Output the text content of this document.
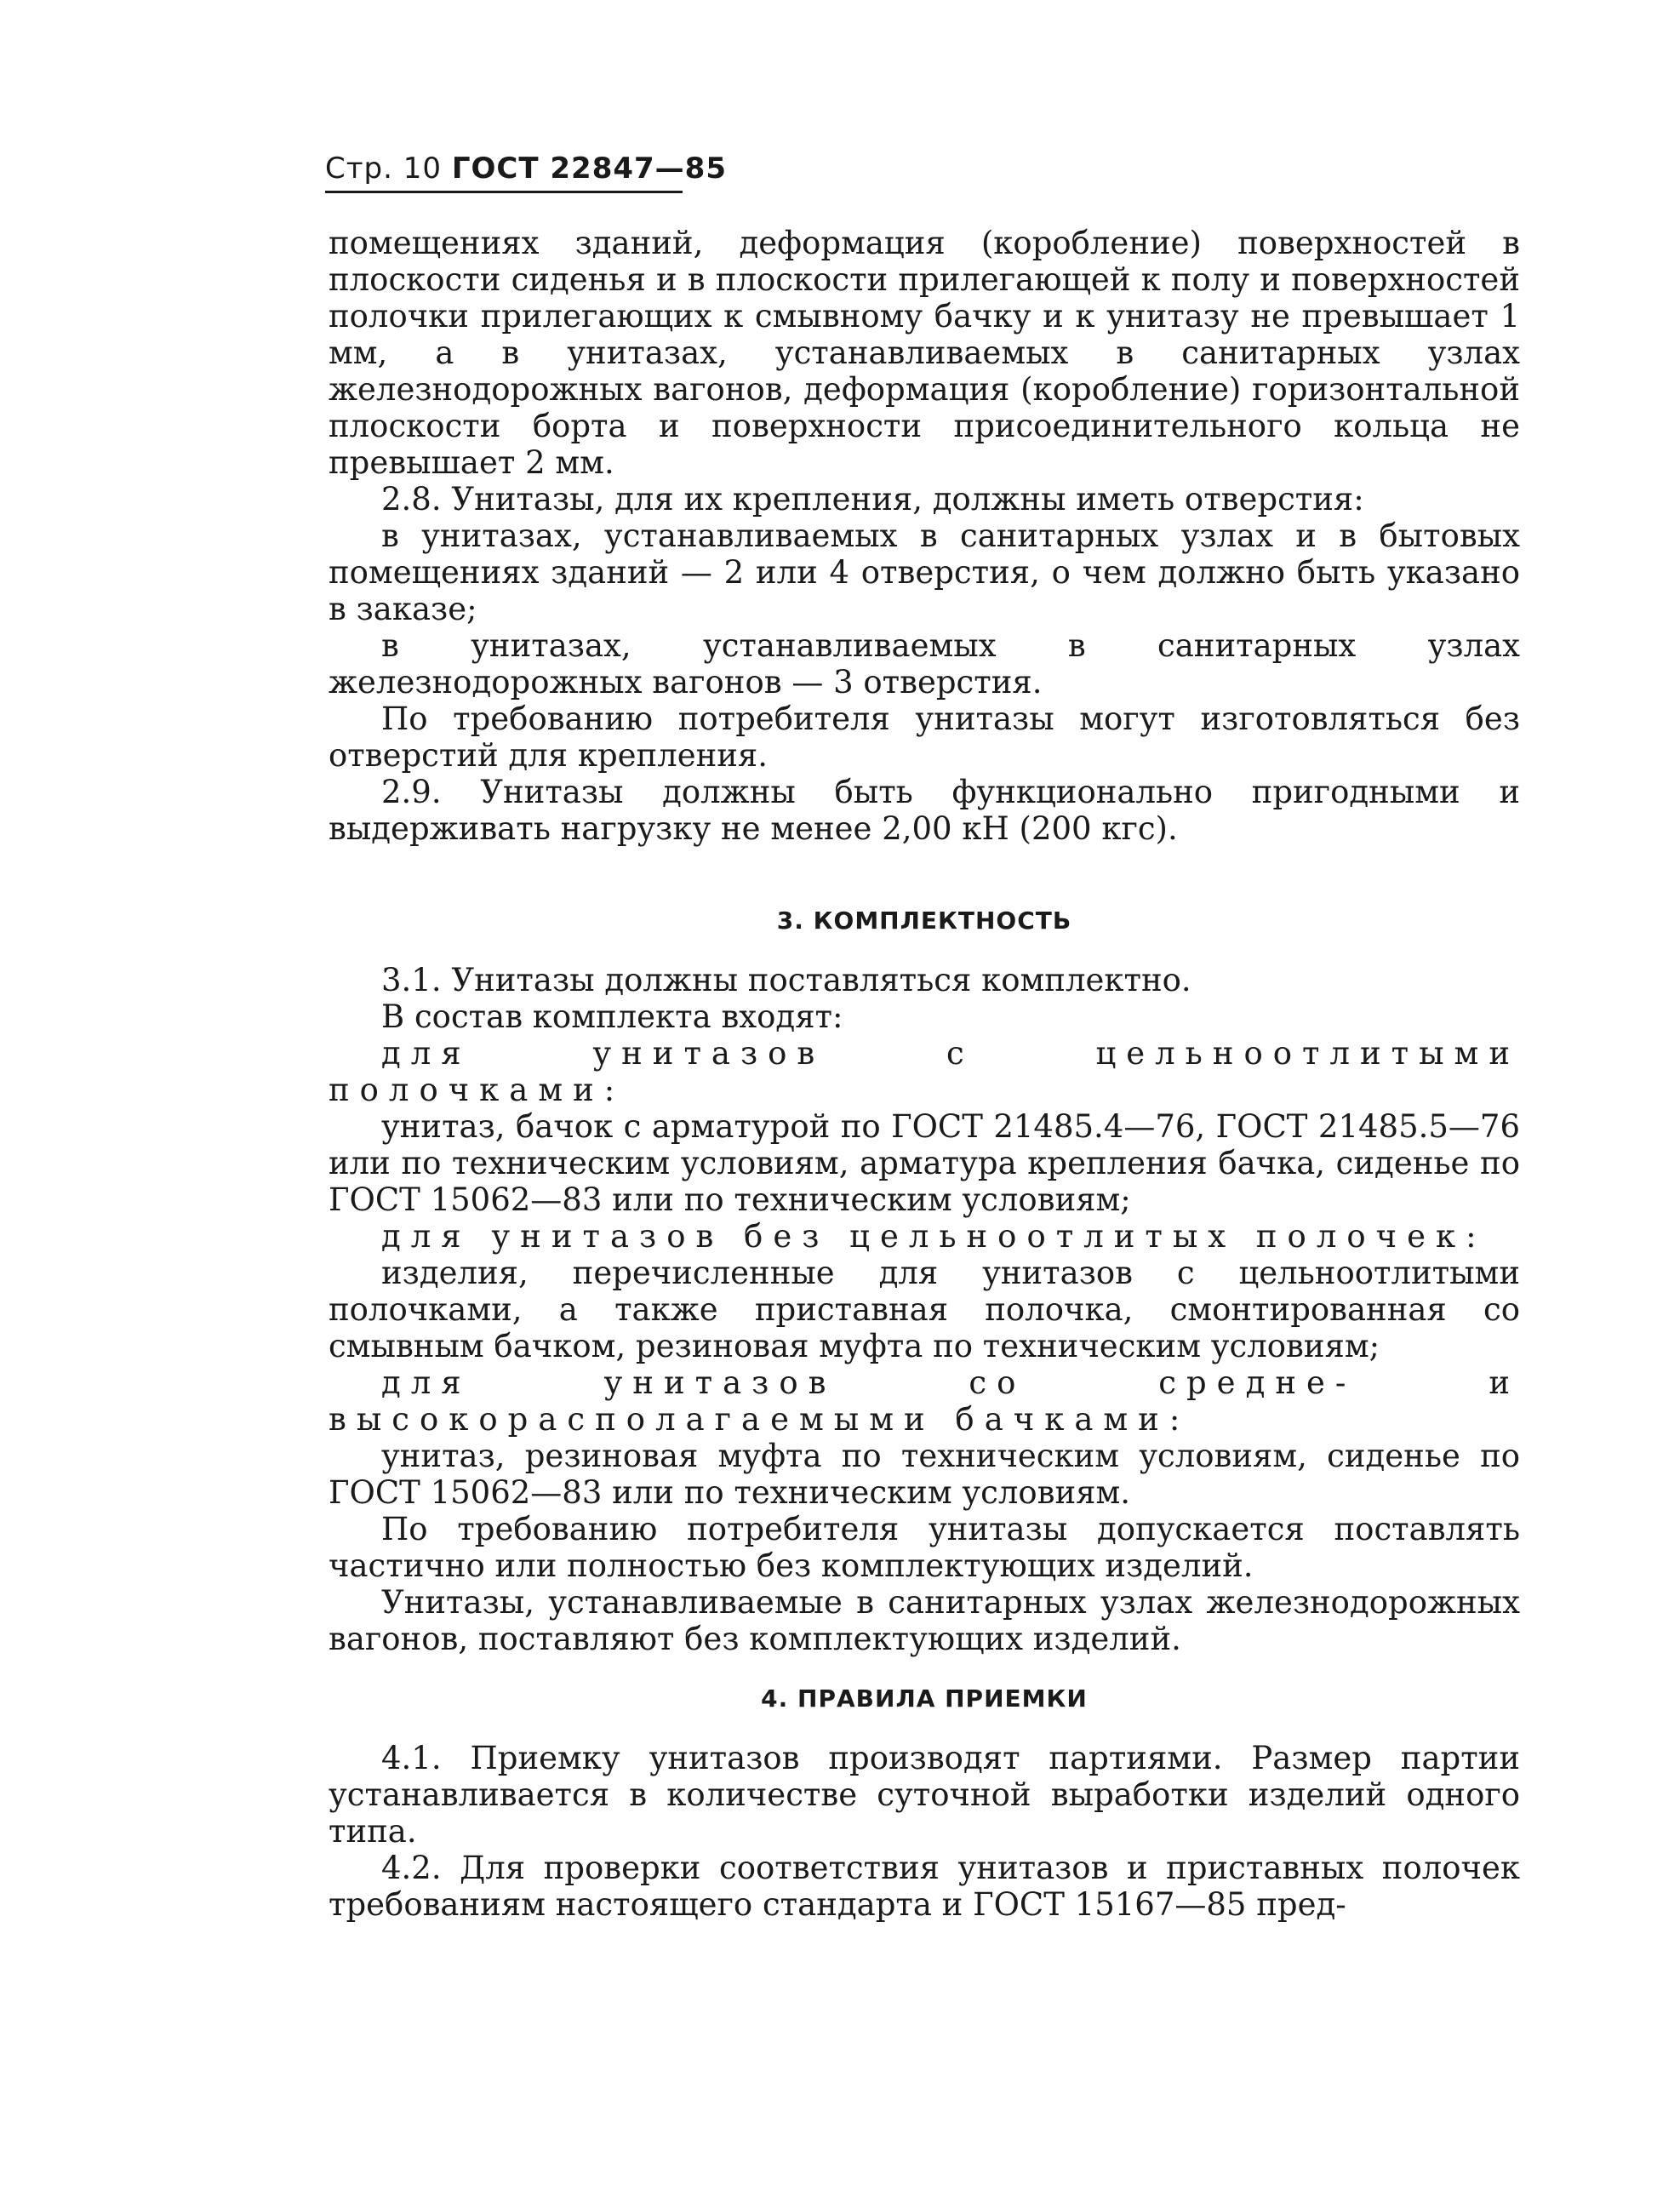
Стр. 10 ГОСТ 22847—85

помещениях зданий, деформация (коробление) поверхностей в плоскости сиденья и в плоскости прилегающей к полу и поверхностей полочки прилегающих к смывному бачку и к унитазу не превышает 1 мм, а в унитазах, устанавливаемых в санитарных узлах железнодорожных вагонов, деформация (коробление) горизонтальной плоскости борта и поверхности присоединительного кольца не превышает 2 мм.

2.8. Унитазы, для их крепления, должны иметь отверстия:

в унитазах, устанавливаемых в санитарных узлах и в бытовых помещениях зданий — 2 или 4 отверстия, о чем должно быть указано в заказе;

в унитазах, устанавливаемых в санитарных узлах железнодорожных вагонов — 3 отверстия.

По требованию потребителя унитазы могут изготовляться без отверстий для крепления.

2.9. Унитазы должны быть функционально пригодными и выдерживать нагрузку не менее 2,00 кН (200 кгс).

3. КОМПЛЕКТНОСТЬ

3.1. Унитазы должны поставляться комплектно.

В состав комплекта входят:

для унитазов с цельноотлитыми полочками:

унитаз, бачок с арматурой по ГОСТ 21485.4—76, ГОСТ 21485.5—76 или по техническим условиям, арматура крепления бачка, сиденье по ГОСТ 15062—83 или по техническим условиям;

для унитазов без цельноотлитых полочек:

изделия, перечисленные для унитазов с цельноотлитыми полочками, а также приставная полочка, смонтированная со смывным бачком, резиновая муфта по техническим условиям;

для унитазов со средне- и высокорасполагаемыми бачками:

унитаз, резиновая муфта по техническим условиям, сиденье по ГОСТ 15062—83 или по техническим условиям.

По требованию потребителя унитазы допускается поставлять частично или полностью без комплектующих изделий.

Унитазы, устанавливаемые в санитарных узлах железнодорожных вагонов, поставляют без комплектующих изделий.

4. ПРАВИЛА ПРИЕМКИ

4.1. Приемку унитазов производят партиями. Размер партии устанавливается в количестве суточной выработки изделий одного типа.

4.2. Для проверки соответствия унитазов и приставных полочек требованиям настоящего стандарта и ГОСТ 15167—85 пред-
